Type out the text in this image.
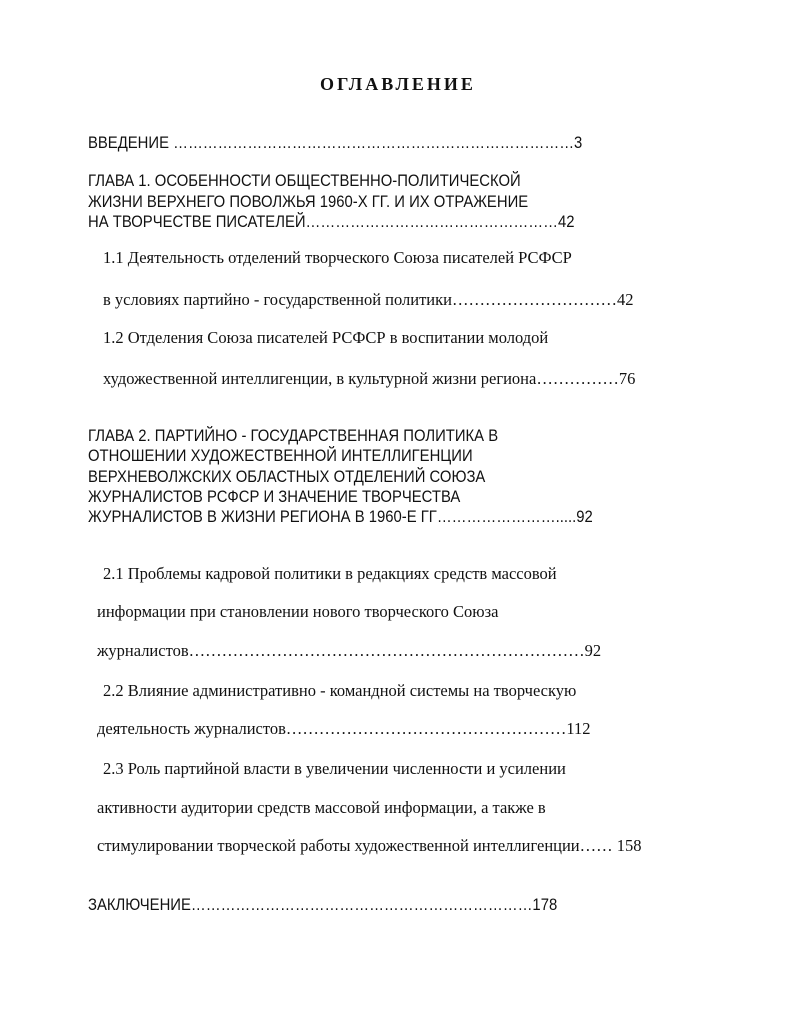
ОГЛАВЛЕНИЕ
ВВЕДЕНИЕ ………………………………………………………………………3
ГЛАВА 1. ОСОБЕННОСТИ ОБЩЕСТВЕННО-ПОЛИТИЧЕСКОЙ
ЖИЗНИ ВЕРХНЕГО ПОВОЛЖЬЯ 1960-Х ГГ. И ИХ ОТРАЖЕНИЕ
НА ТВОРЧЕСТВЕ ПИСАТЕЛЕЙ……………………………………………42
1.1 Деятельность отделений творческого Союза писателей РСФСР
в условиях партийно - государственной политики…………………………42
1.2 Отделения Союза писателей РСФСР в воспитании молодой
художественной интеллигенции, в культурной жизни региона……………76
ГЛАВА 2. ПАРТИЙНО - ГОСУДАРСТВЕННАЯ ПОЛИТИКА В
ОТНОШЕНИИ ХУДОЖЕСТВЕННОЙ ИНТЕЛЛИГЕНЦИИ
ВЕРХНЕВОЛЖСКИХ ОБЛАСТНЫХ ОТДЕЛЕНИЙ СОЮЗА
ЖУРНАЛИСТОВ РСФСР И ЗНАЧЕНИЕ ТВОРЧЕСТВА
ЖУРНАЛИСТОВ В ЖИЗНИ РЕГИОНА В 1960-Е ГГ…………………….....92
2.1 Проблемы кадровой политики в редакциях средств массовой
информации при становлении нового творческого Союза
журналистов………………………………………………………………92
2.2 Влияние административно - командной системы на творческую
деятельность журналистов……………………………………………112
2.3 Роль партийной власти в увеличении численности и усилении
активности аудитории средств массовой информации, а также в
стимулировании творческой работы художественной интеллигенции…… 158
ЗАКЛЮЧЕНИЕ……………………………………………………………178
